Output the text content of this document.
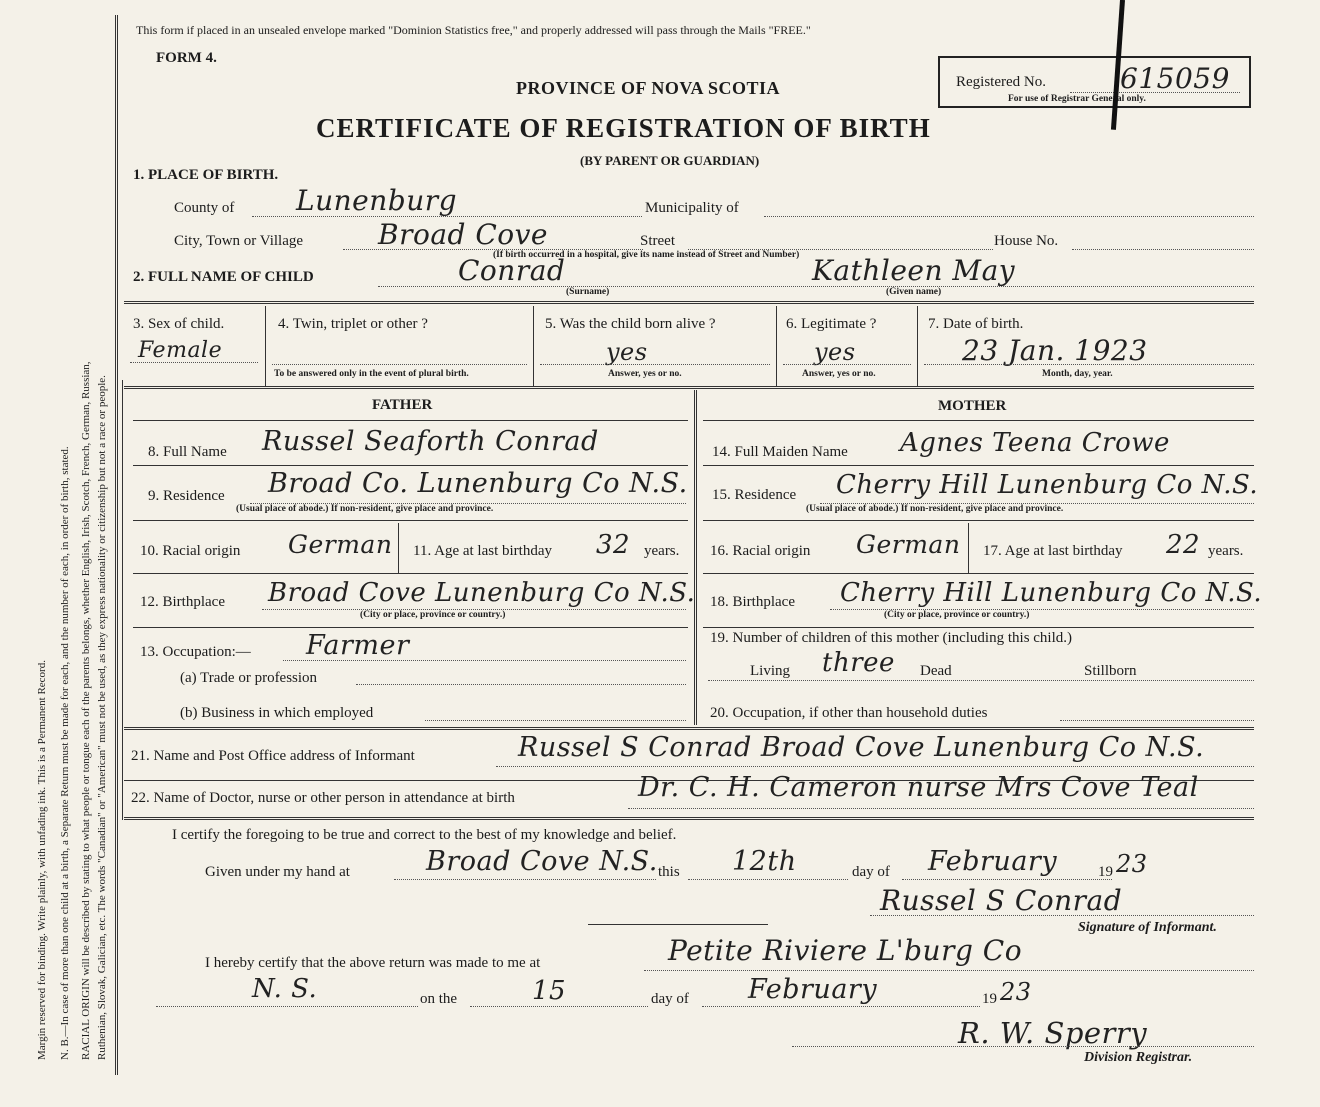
Margin reserved for binding. Write plainly, with unfading ink. This is a Permanent Record. N. B.—In case of more than one child at a birth, a Separate Return must be made for each, and the number of each, in order of birth, stated. RACIAL ORIGIN will be described by stating to what people or tongue each of the parents belongs, whether English, Irish, Scotch, French, German, Russian, Ruthenian, Slovak, Galician, etc. The words "Canadian" or "American" must not be used, as they express nationality or citizenship but not a race or people.
This form if placed in an unsealed envelope marked "Dominion Statistics free," and properly addressed will pass through the Mails "FREE."
FORM 4.
PROVINCE OF NOVA SCOTIA
CERTIFICATE OF REGISTRATION OF BIRTH
(BY PARENT OR GUARDIAN)
Registered No.	615059
For use of Registrar General only.
1. PLACE OF BIRTH.
County of Lunenburg	Municipality of
City, Town or Village	Broad Cove	Street	House No.
(If birth occurred in a hospital, give its name instead of Street and Number)
2. FULL NAME OF CHILD	Conrad
(Surname)
Kathleen May
(Given name)
3. Sex of child.
Female
4. Twin, triplet or other ?
To be answered only in the event of plural birth.
5. Was the child born alive ?
yes
Answer, yes or no.
6. Legitimate ?
yes
Answer, yes or no.
7. Date of birth.
23 Jan. 1923
Month, day, year.
FATHER
8. Full Name Russel Seaforth Conrad
9. Residence Broad Co. Lunenburg Co N.S.
(Usual place of abode.) If non-resident, give place and province.
10. Racial origin German 11. Age at last birthday 32 years.
12. Birthplace Broad Cove Lunenburg Co N.S.
(City or place, province or country.)
13. Occupation:— Farmer
(a) Trade or profession
(b) Business in which employed
MOTHER
14. Full Maiden Name Agnes Teena Crowe
15. Residence Cherry Hill Lunenburg Co N.S.
(Usual place of abode.) If non-resident, give place and province.
16. Racial origin German 17. Age at last birthday 22 years.
18. Birthplace Cherry Hill Lunenburg Co N.S.
(City or place, province or country.)
19. Number of children of this mother (including this child.)
Living three Dead	Stillborn
20. Occupation, if other than household duties
21. Name and Post Office address of Informant	Russel S Conrad Broad Cove Lunenburg Co N.S.
22. Name of Doctor, nurse or other person in attendance at birth	Dr. C. H. Cameron nurse Mrs Cove Teal
I certify the foregoing to be true and correct to the best of my knowledge and belief.
Given under my hand at	Broad Cove N.S. this 12th	day of February	19 23
Russel S Conrad
Signature of Informant.
I hereby certify that the above return was made to me at	Petite Riviere L'burg Co
N. S.	on the	15	day of February	19 23
R. W. Sperry
Division Registrar.
